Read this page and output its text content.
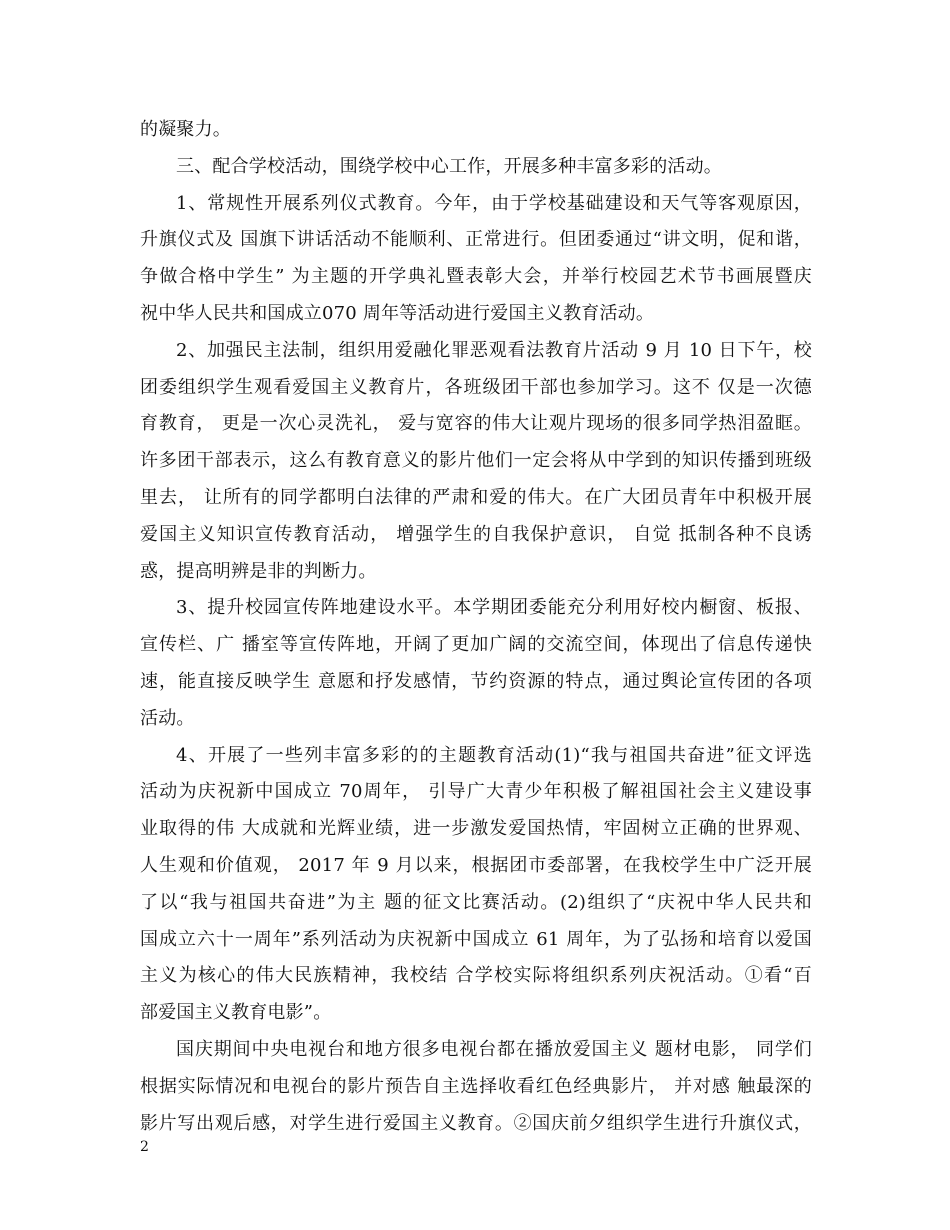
的凝聚力。
三、配合学校活动，围绕学校中心工作，开展多种丰富多彩的活动。
1、常规性开展系列仪式教育。今年，由于学校基础建设和天气等客观原因，
升旗仪式及 国旗下讲话活动不能顺利、正常进行。但团委通过“讲文明，促和谐，
争做合格中学生” 为主题的开学典礼暨表彰大会，并举行校园艺术节书画展暨庆
祝中华人民共和国成立070 周年等活动进行爱国主义教育活动。
2、加强民主法制，组织用爱融化罪恶观看法教育片活动 9 月 10 日下午，校
团委组织学生观看爱国主义教育片，各班级团干部也参加学习。这不 仅是一次德
育教育， 更是一次心灵洗礼， 爱与宽容的伟大让观片现场的很多同学热泪盈眶。
许多团干部表示，这么有教育意义的影片他们一定会将从中学到的知识传播到班级
里去， 让所有的同学都明白法律的严肃和爱的伟大。在广大团员青年中积极开展
爱国主义知识宣传教育活动， 增强学生的自我保护意识， 自觉 抵制各种不良诱
惑，提高明辨是非的判断力。
3、提升校园宣传阵地建设水平。本学期团委能充分利用好校内橱窗、板报、
宣传栏、广 播室等宣传阵地，开阔了更加广阔的交流空间，体现出了信息传递快
速，能直接反映学生 意愿和抒发感情，节约资源的特点，通过舆论宣传团的各项
活动。
4、开展了一些列丰富多彩的的主题教育活动(1)“我与祖国共奋进”征文评选
活动为庆祝新中国成立 70周年， 引导广大青少年积极了解祖国社会主义建设事
业取得的伟 大成就和光辉业绩，进一步激发爱国热情，牢固树立正确的世界观、
人生观和价值观， 2017 年 9 月以来，根据团市委部署，在我校学生中广泛开展
了以“我与祖国共奋进”为主 题的征文比赛活动。(2)组织了“庆祝中华人民共和
国成立六十一周年”系列活动为庆祝新中国成立 61 周年，为了弘扬和培育以爱国
主义为核心的伟大民族精神，我校结 合学校实际将组织系列庆祝活动。①看“百
部爱国主义教育电影”。
国庆期间中央电视台和地方很多电视台都在播放爱国主义 题材电影， 同学们
根据实际情况和电视台的影片预告自主选择收看红色经典影片， 并对感 触最深的
影片写出观后感，对学生进行爱国主义教育。②国庆前夕组织学生进行升旗仪式，
2
